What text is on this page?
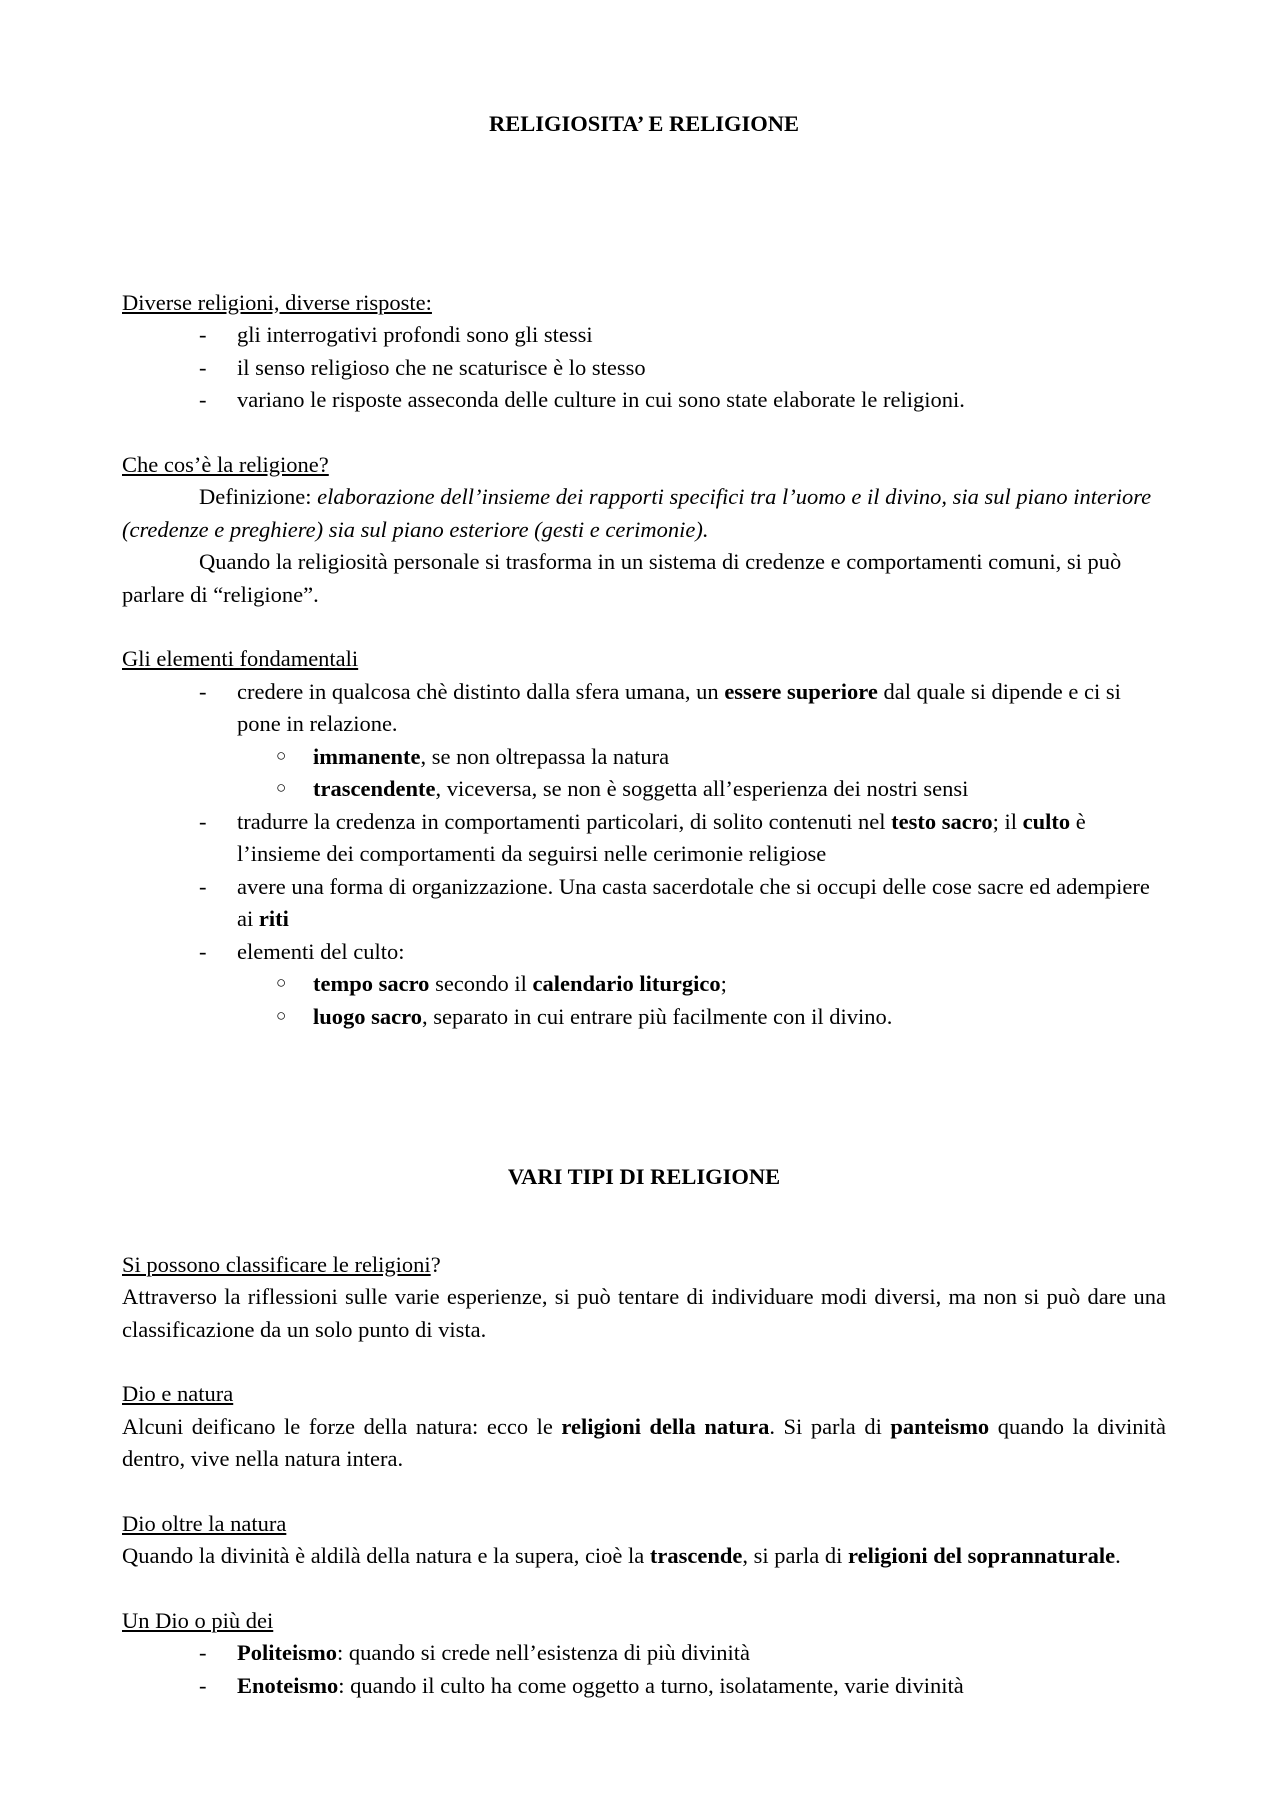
RELIGIOSITA’ E RELIGIONE

Diverse religioni, diverse risposte:

- gli interrogativi profondi sono gli stessi
- il senso religioso che ne scaturisce è lo stesso
- variano le risposte asseconda delle culture in cui sono state elaborate le religioni.

Che cos’è la religione?

Definizione: elaborazione dell’insieme dei rapporti specifici tra l’uomo e il divino, sia sul piano interiore (credenze e preghiere) sia sul piano esteriore (gesti e cerimonie).

Quando la religiosità personale si trasforma in un sistema di credenze e comportamenti comuni, si può parlare di “religione”.

Gli elementi fondamentali

- credere in qualcosa chè distinto dalla sfera umana, un essere superiore dal quale si dipende e ci si pone in relazione.
○ immanente, se non oltrepassa la natura
○ trascendente, viceversa, se non è soggetta all’esperienza dei nostri sensi
- tradurre la credenza in comportamenti particolari, di solito contenuti nel testo sacro; il culto è l’insieme dei comportamenti da seguirsi nelle cerimonie religiose
- avere una forma di organizzazione. Una casta sacerdotale che si occupi delle cose sacre ed adempiere ai riti
- elementi del culto:
○ tempo sacro secondo il calendario liturgico;
○ luogo sacro, separato in cui entrare più facilmente con il divino.
VARI TIPI DI RELIGIONE

Si possono classificare le religioni?

Attraverso la riflessioni sulle varie esperienze, si può tentare di individuare modi diversi, ma non si può dare una classificazione da un solo punto di vista.

Dio e natura

Alcuni deificano le forze della natura: ecco le religioni della natura. Si parla di panteismo quando la divinità dentro, vive nella natura intera.

Dio oltre la natura

Quando la divinità è aldilà della natura e la supera, cioè la trascende, si parla di religioni del soprannaturale.

Un Dio o più dei

- Politeismo: quando si crede nell’esistenza di più divinità
- Enoteismo: quando il culto ha come oggetto a turno, isolatamente, varie divinità
